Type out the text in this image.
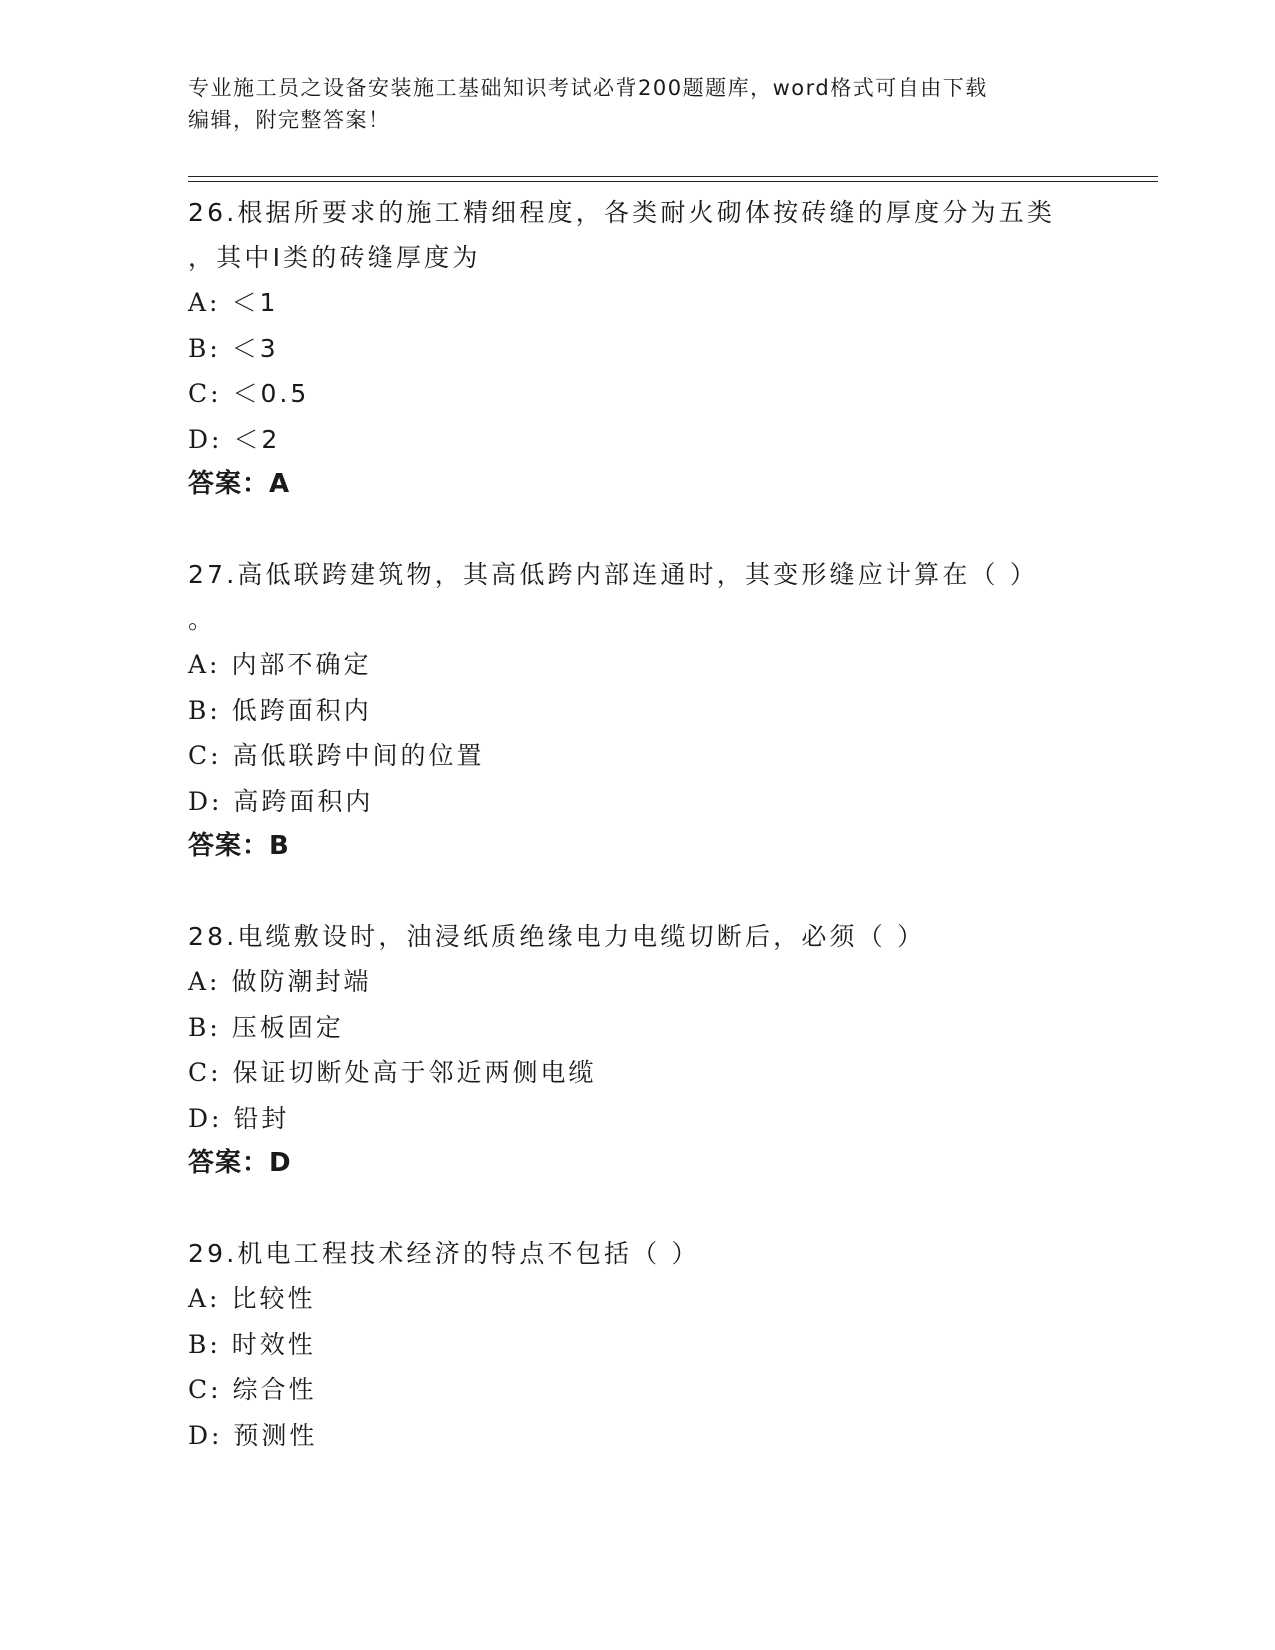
专业施工员之设备安装施工基础知识考试必背200题题库，word格式可自由下载
编辑，附完整答案！
26.根据所要求的施工精细程度，各类耐火砌体按砖缝的厚度分为五类
，其中Ⅰ类的砖缝厚度为
A: ＜1
B: ＜3
C: ＜0.5
D: ＜2
答案：A
27.高低联跨建筑物，其高低跨内部连通时，其变形缝应计算在（ ）
。
A: 内部不确定
B: 低跨面积内
C: 高低联跨中间的位置
D: 高跨面积内
答案：B
28.电缆敷设时，油浸纸质绝缘电力电缆切断后，必须（ ）
A: 做防潮封端
B: 压板固定
C: 保证切断处高于邻近两侧电缆
D: 铅封
答案：D
29.机电工程技术经济的特点不包括（ ）
A: 比较性
B: 时效性
C: 综合性
D: 预测性
